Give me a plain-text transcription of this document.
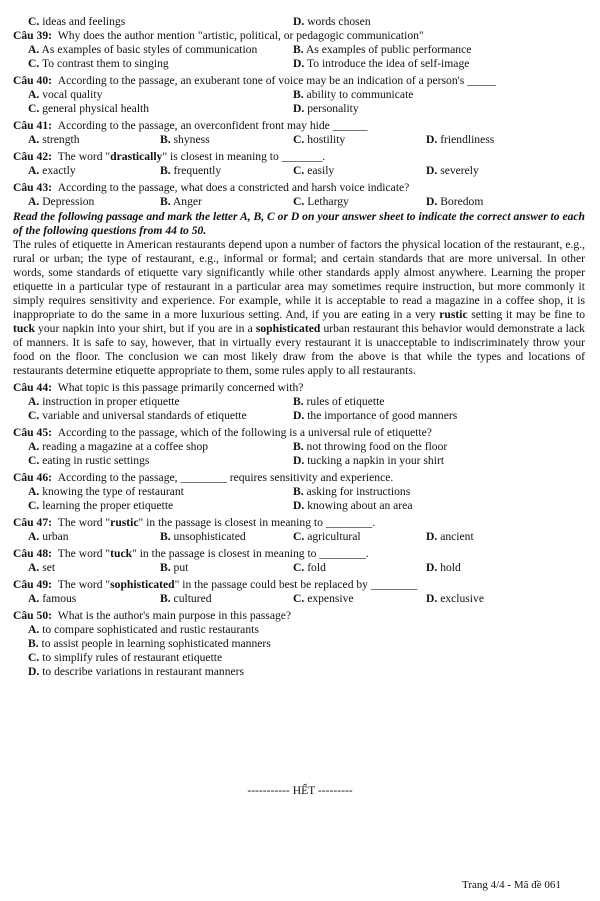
C. ideas and feelings	D. words chosen
Câu 39: Why does the author mention "artistic, political, or pedagogic communication"
A. As examples of basic styles of communication	B. As examples of public performance
C. To contrast them to singing	D. To introduce the idea of self-image
Câu 40: According to the passage, an exuberant tone of voice may be an indication of a person's _____
A. vocal quality	B. ability to communicate
C. general physical health	D. personality
Câu 41: According to the passage, an overconfident front may hide ______
A. strength	B. shyness	C. hostility	D. friendliness
Câu 42: The word "drastically" is closest in meaning to _______.
A. exactly	B. frequently	C. easily	D. severely
Câu 43: According to the passage, what does a constricted and harsh voice indicate?
A. Depression	B. Anger	C. Lethargy	D. Boredom
Read the following passage and mark the letter A, B, C or D on your answer sheet to indicate the correct answer to each of the following questions from 44 to 50.

The rules of etiquette in American restaurants depend upon a number of factors the physical location of the restaurant, e.g., rural or urban; the type of restaurant, e.g., informal or formal; and certain standards that are more universal. In other words, some standards of etiquette vary significantly while other standards apply almost anywhere. Learning the proper etiquette in a particular type of restaurant in a particular area may sometimes require instruction, but more commonly it simply requires sensitivity and experience. For example, while it is acceptable to read a magazine in a coffee shop, it is inappropriate to do the same in a more luxurious setting. And, if you are eating in a very rustic setting it may be fine to tuck your napkin into your shirt, but if you are in a sophisticated urban restaurant this behavior would demonstrate a lack of manners. It is safe to say, however, that in virtually every restaurant it is unacceptable to indiscriminately throw your food on the floor. The conclusion we can most likely draw from the above is that while the types and locations of restaurants determine etiquette appropriate to them, some rules apply to all restaurants.

Câu 44: What topic is this passage primarily concerned with?
A. instruction in proper etiquette	B. rules of etiquette
C. variable and universal standards of etiquette	D. the importance of good manners
Câu 45: According to the passage, which of the following is a universal rule of etiquette?
A. reading a magazine at a coffee shop	B. not throwing food on the floor
C. eating in rustic settings	D. tucking a napkin in your shirt
Câu 46: According to the passage, ________ requires sensitivity and experience.
A. knowing the type of restaurant	B. asking for instructions
C. learning the proper etiquette	D. knowing about an area
Câu 47: The word "rustic" in the passage is closest in meaning to ________.
A. urban	B. unsophisticated	C. agricultural	D. ancient
Câu 48: The word "tuck" in the passage is closest in meaning to ________.
A. set	B. put	C. fold	D. hold
Câu 49: The word "sophisticated" in the passage could best be replaced by ________
A. famous	B. cultured	C. expensive	D. exclusive
Câu 50: What is the author's main purpose in this passage?
A. to compare sophisticated and rustic restaurants
B. to assist people in learning sophisticated manners
C. to simplify rules of restaurant etiquette
D. to describe variations in restaurant manners
----------- HẾT ---------
Trang 4/4 - Mã đề 061
